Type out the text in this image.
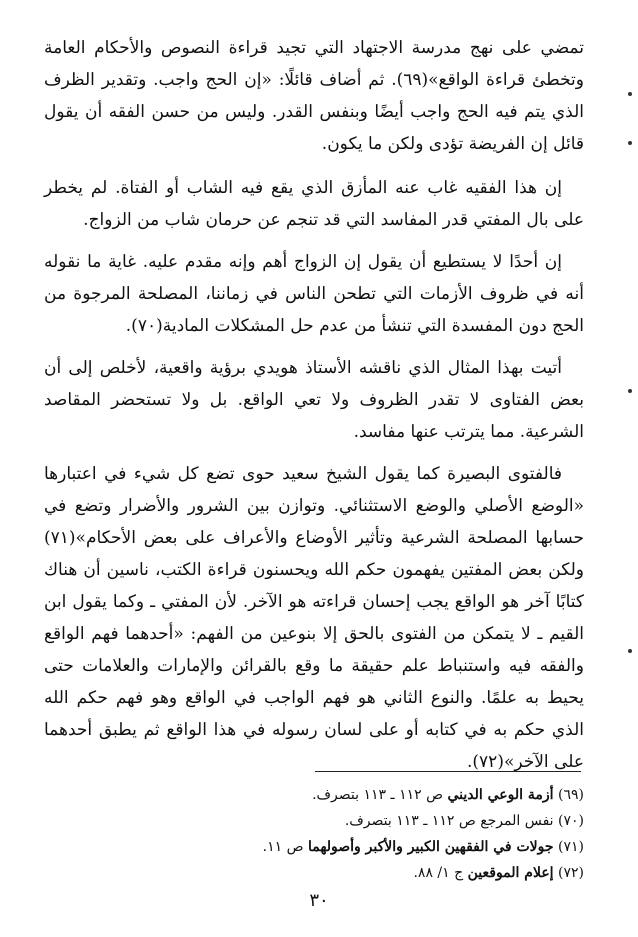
تمضي على نهج مدرسة الاجتهاد التي تجيد قراءة النصوص والأحكام العامة وتخطئ قراءة الواقع»(٦٩). ثم أضاف قائلًا: «إن الحج واجب. وتقدير الظرف الذي يتم فيه الحج واجب أيضًا وبنفس القدر. وليس من حسن الفقه أن يقول قائل إن الفريضة تؤدى ولكن ما يكون.

إن هذا الفقيه غاب عنه المأزق الذي يقع فيه الشاب أو الفتاة. لم يخطر على بال المفتي قدر المفاسد التي قد تنجم عن حرمان شاب من الزواج.

إن أحدًا لا يستطيع أن يقول إن الزواج أهم وإنه مقدم عليه. غاية ما نقوله أنه في ظروف الأزمات التي تطحن الناس في زماننا، المصلحة المرجوة من الحج دون المفسدة التي تنشأ من عدم حل المشكلات المادية(٧٠).

أتيت بهذا المثال الذي ناقشه الأستاذ هويدي برؤية واقعية، لأخلص إلى أن بعض الفتاوى لا تقدر الظروف ولا تعي الواقع. بل ولا تستحضر المقاصد الشرعية. مما يترتب عنها مفاسد.

فالفتوى البصيرة كما يقول الشيخ سعيد حوى تضع كل شيء في اعتبارها «الوضع الأصلي والوضع الاستثنائي. وتوازن بين الشرور والأضرار وتضع في حسابها المصلحة الشرعية وتأثير الأوضاع والأعراف على بعض الأحكام»(٧١) ولكن بعض المفتين يفهمون حكم الله ويحسنون قراءة الكتب، ناسين أن هناك كتابًا آخر هو الواقع يجب إحسان قراءته هو الآخر. لأن المفتي ـ وكما يقول ابن القيم ـ لا يتمكن من الفتوى بالحق إلا بنوعين من الفهم: «أحدهما فهم الواقع والفقه فيه واستنباط علم حقيقة ما وقع بالقرائن والإمارات والعلامات حتى يحيط به علمًا. والنوع الثاني هو فهم الواجب في الواقع وهو فهم حكم الله الذي حكم به في كتابه أو على لسان رسوله في هذا الواقع ثم يطبق أحدهما على الآخر»(٧٢).

(٦٩) أزمة الوعي الديني ص ١١٢ ـ ١١٣ بتصرف.

(٧٠) نفس المرجع ص ١١٢ ـ ١١٣ بتصرف.

(٧١) جولات في الفقهين الكبير والأكبر وأصولهما ص ١١.

(٧٢) إعلام الموقعين ج ١/ ٨٨.

٣٠
